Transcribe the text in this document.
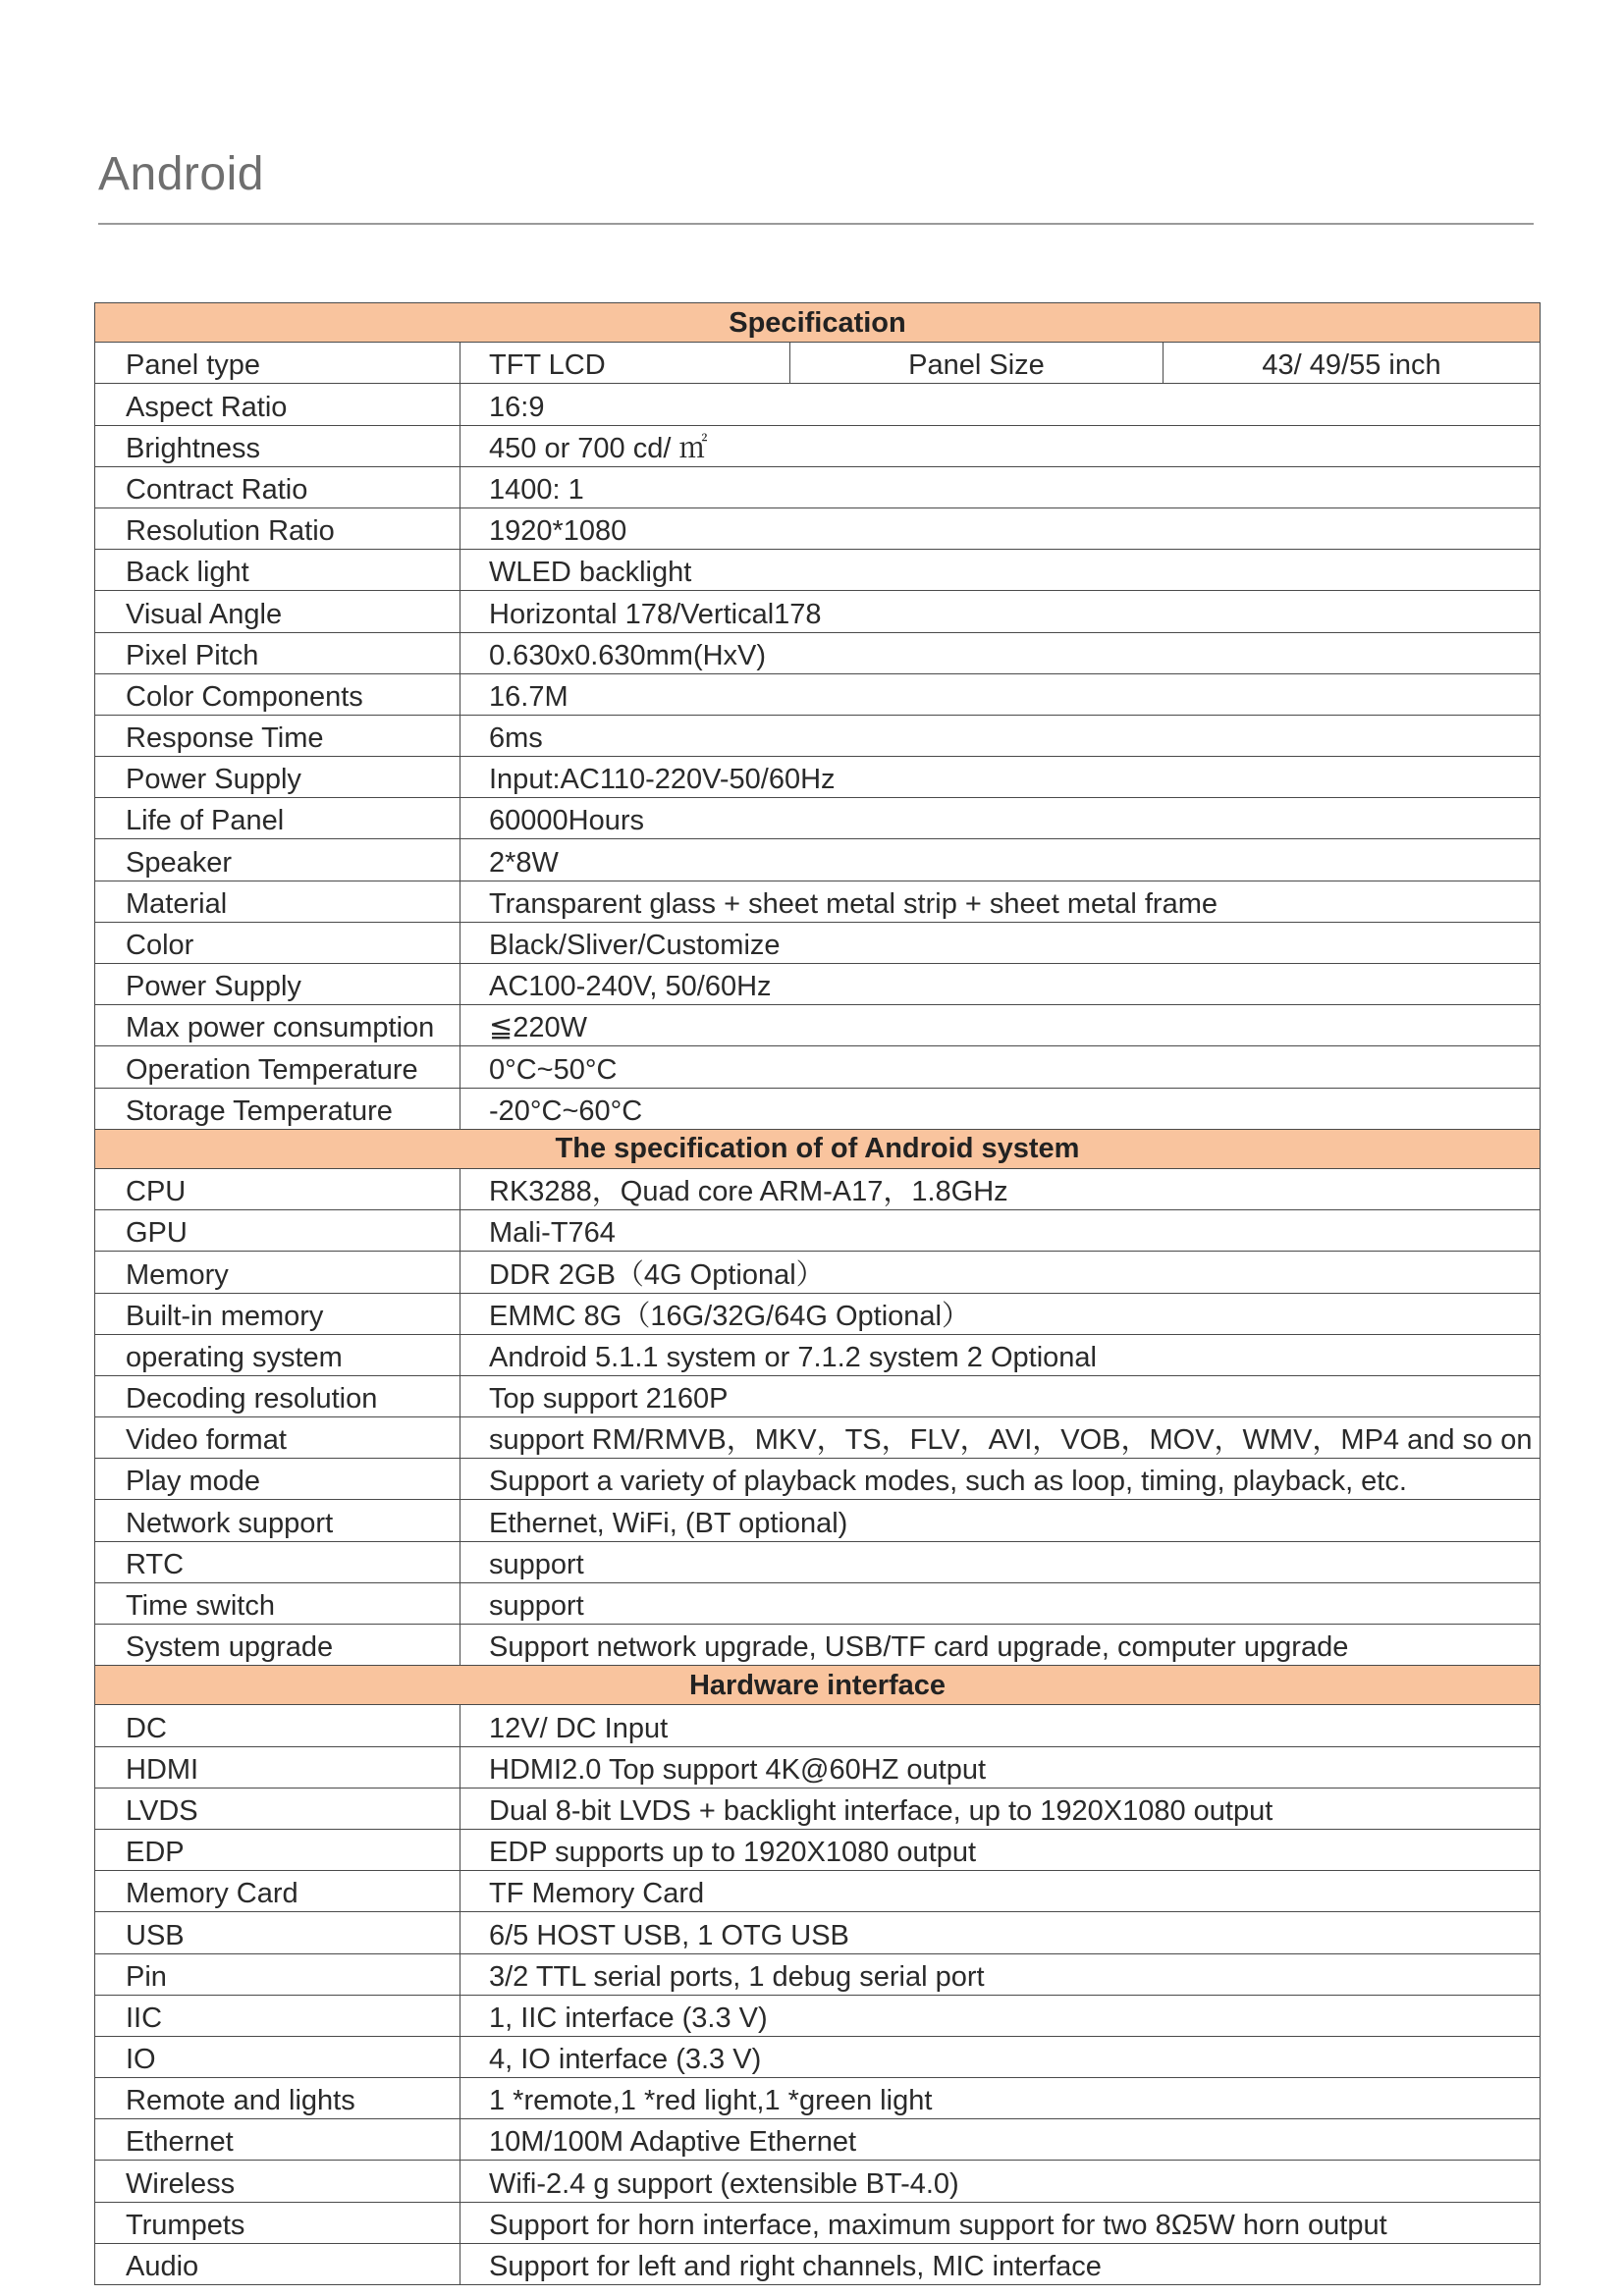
Android
Specification			
Panel type	TFT LCD	Panel Size	43/ 49/55 inch
Aspect Ratio	16:9		
Brightness	450 or 700 cd/ ㎡		
Contract Ratio	1400: 1		
Resolution Ratio	1920*1080		
Back light	WLED backlight		
Visual Angle	Horizontal 178/Vertical178		
Pixel Pitch	0.630x0.630mm(HxV)		
Color Components	16.7M		
Response Time	6ms		
Power Supply	Input:AC110-220V-50/60Hz		
Life of Panel	60000Hours		
Speaker	2*8W		
Material	Transparent glass + sheet metal strip + sheet metal frame		
Color	Black/Sliver/Customize		
Power Supply	AC100-240V, 50/60Hz		
Max power consumption	≦220W		
Operation Temperature	0°C~50°C		
Storage Temperature	-20°C~60°C		
The specification of of Android system			
CPU	RK3288，Quad core ARM-A17，1.8GHz		
GPU	Mali-T764		
Memory	DDR 2GB（4G Optional）		
Built-in memory	EMMC 8G（16G/32G/64G Optional）		
operating system	Android 5.1.1 system or 7.1.2 system 2 Optional		
Decoding resolution	Top support 2160P		
Video format	support RM/RMVB，MKV，TS，FLV，AVI，VOB，MOV，WMV，MP4 and so on		
Play mode	Support a variety of playback modes, such as loop, timing, playback, etc.		
Network support	Ethernet, WiFi, (BT optional)		
RTC	support		
Time switch	support		
System upgrade	Support network upgrade, USB/TF card upgrade, computer upgrade		
Hardware interface			
DC	12V/ DC Input		
HDMI	HDMI2.0 Top support 4K@60HZ output		
LVDS	Dual 8-bit LVDS + backlight interface, up to 1920X1080 output		
EDP	EDP supports up to 1920X1080 output		
Memory Card	TF Memory Card		
USB	6/5 HOST USB, 1 OTG USB		
Pin	3/2 TTL serial ports, 1 debug serial port		
IIC	1, IIC interface (3.3 V)		
IO	4, IO interface (3.3 V)		
Remote and lights	1 *remote,1 *red light,1 *green light		
Ethernet	10M/100M Adaptive Ethernet		
Wireless	Wifi-2.4 g support (extensible BT-4.0)		
Trumpets	Support for horn interface, maximum support for two 8Ω5W horn output		
Audio	Support for left and right channels, MIC interface		
